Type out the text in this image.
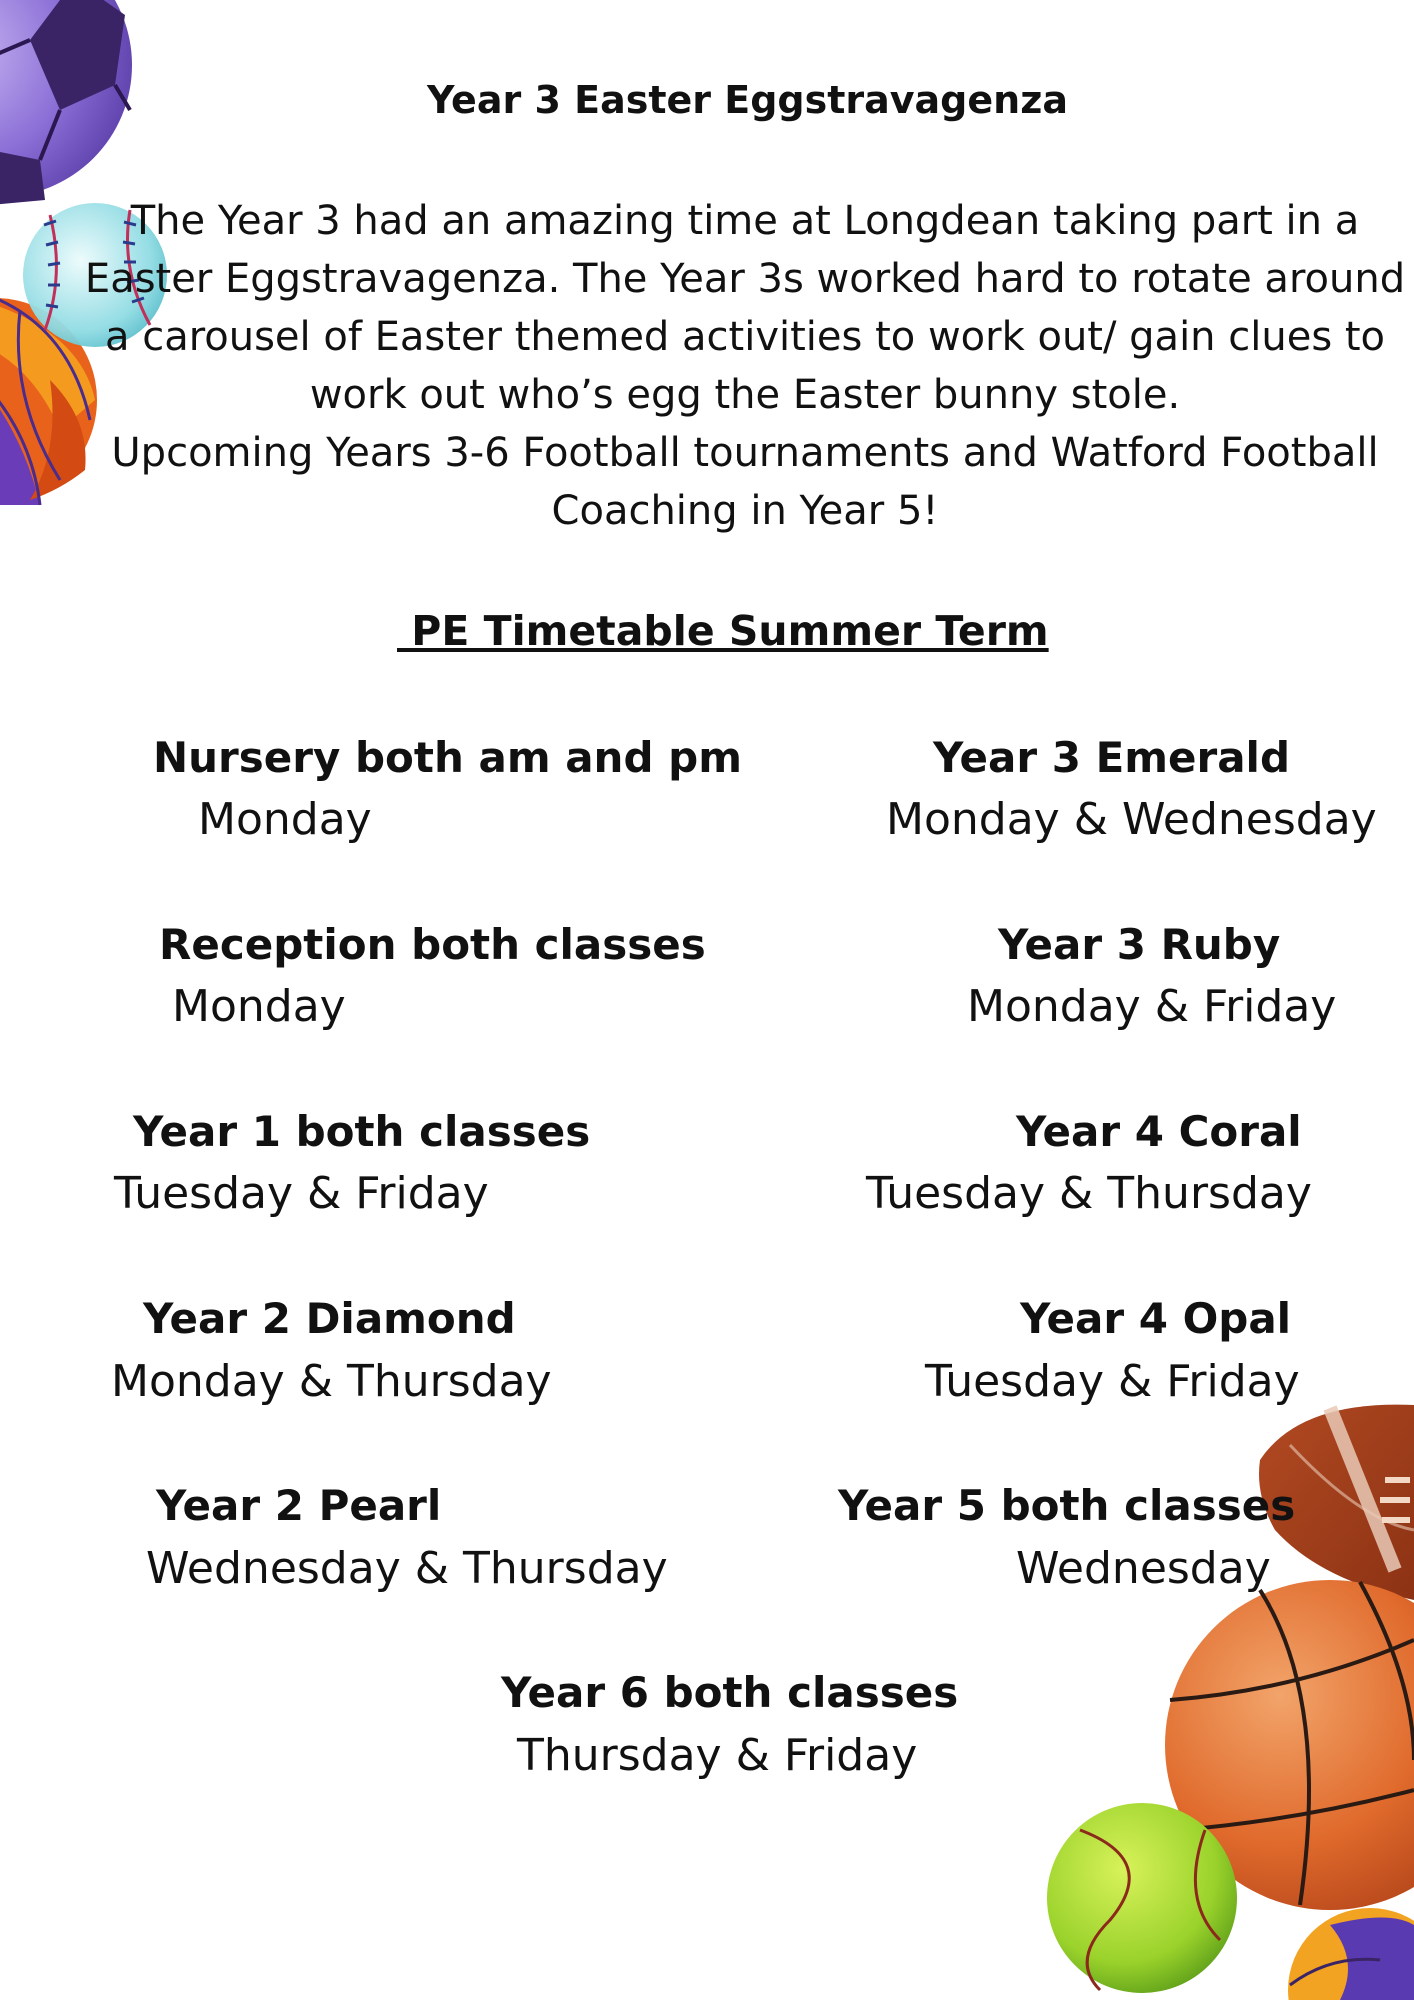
Year 3 Easter Eggstravagenza
The Year 3 had an amazing time at Longdean taking part in a
Easter Eggstravagenza. The Year 3s worked hard to rotate around
a carousel of Easter themed activities to work out/ gain clues to
work out who’s egg the Easter bunny stole.
Upcoming Years 3-6 Football tournaments and Watford Football
Coaching in Year 5!
PE Timetable Summer Term
Nursery both am and pm
Monday
Year 3 Emerald
Monday & Wednesday
Reception both classes
Monday
Year 3 Ruby
Monday & Friday
Year 1 both classes
Tuesday & Friday
Year 4 Coral
Tuesday & Thursday
Year 2 Diamond
Monday & Thursday
Year 4 Opal
Tuesday & Friday
Year 2 Pearl
Wednesday & Thursday
Year 5 both classes
Wednesday
Year 6 both classes
Thursday & Friday
